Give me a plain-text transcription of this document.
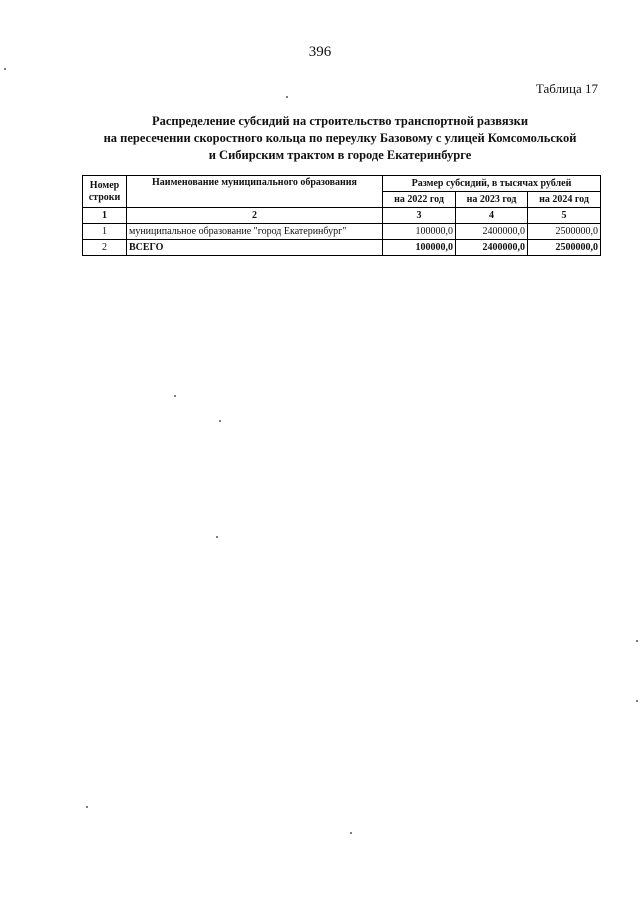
396
Таблица 17
Распределение субсидий на строительство транспортной развязки
на пересечении скоростного кольца по переулку Базовому с улицей Комсомольской
и Сибирским трактом в городе Екатеринбурге
Номер
строки	Наименование муниципального образования	Размер субсидий, в тысячах рублей		
		на 2022 год	на 2023 год	на 2024 год
1	2	3	4	5
1	муниципальное образование "город Екатеринбург"	100000,0	2400000,0	2500000,0
2	ВСЕГО	100000,0	2400000,0	2500000,0
